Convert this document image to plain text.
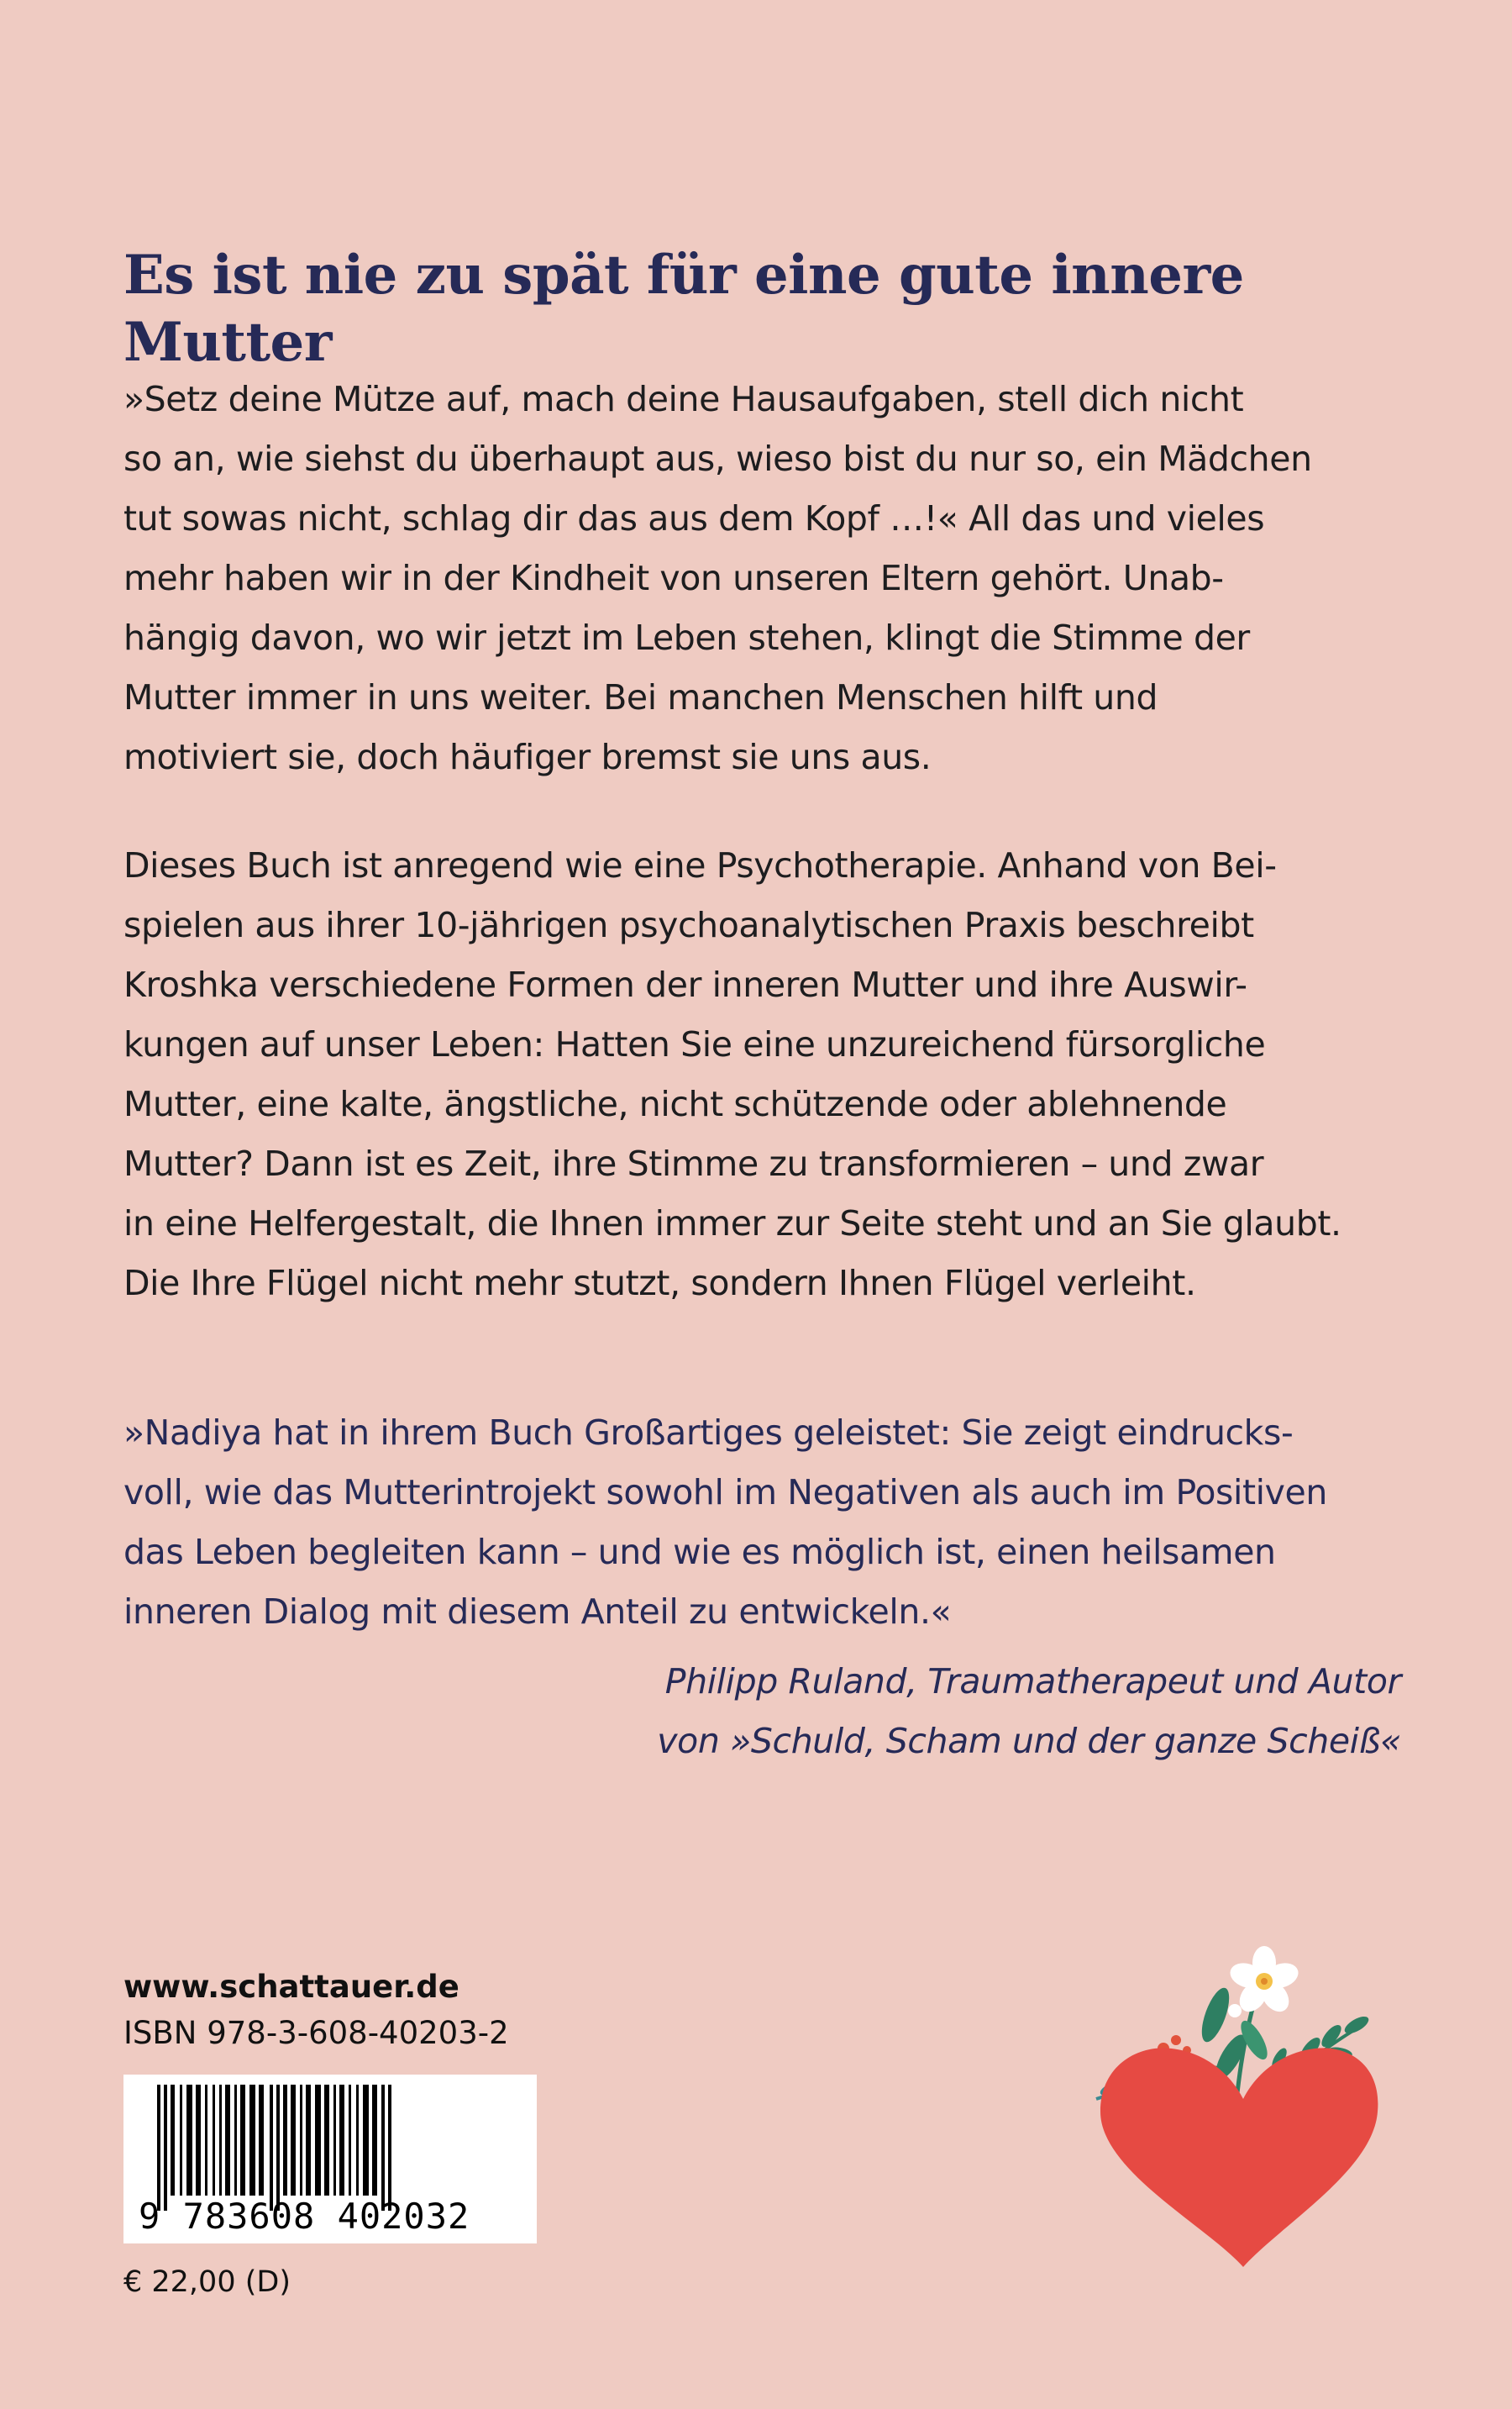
Es ist nie zu spät für eine gute innere Mutter
»Setz deine Mütze auf, mach deine Hausaufgaben, stell dich nicht
so an, wie siehst du überhaupt aus, wieso bist du nur so, ein Mädchen
tut sowas nicht, schlag dir das aus dem Kopf …!« All das und vieles
mehr haben wir in der Kindheit von unseren Eltern gehört. Unab-
hängig davon, wo wir jetzt im Leben stehen, klingt die Stimme der
Mutter immer in uns weiter. Bei manchen Menschen hilft und
motiviert sie, doch häufiger bremst sie uns aus.
Dieses Buch ist anregend wie eine Psychotherapie. Anhand von Bei-
spielen aus ihrer 10-jährigen psychoanalytischen Praxis beschreibt
Kroshka verschiedene Formen der inneren Mutter und ihre Auswir-
kungen auf unser Leben: Hatten Sie eine unzureichend fürsorgliche
Mutter, eine kalte, ängstliche, nicht schützende oder ablehnende
Mutter? Dann ist es Zeit, ihre Stimme zu transformieren – und zwar
in eine Helfergestalt, die Ihnen immer zur Seite steht und an Sie glaubt.
Die Ihre Flügel nicht mehr stutzt, sondern Ihnen Flügel verleiht.
»Nadiya hat in ihrem Buch Großartiges geleistet: Sie zeigt eindrucks-
voll, wie das Mutterintrojekt sowohl im Negativen als auch im Positiven
das Leben begleiten kann – und wie es möglich ist, einen heilsamen
inneren Dialog mit diesem Anteil zu entwickeln.«
Philipp Ruland, Traumatherapeut und Autor
von »Schuld, Scham und der ganze Scheiß«
www.schattauer.de
ISBN 978-3-608-40203-2
9 783608 402032
€ 22,00 (D)
